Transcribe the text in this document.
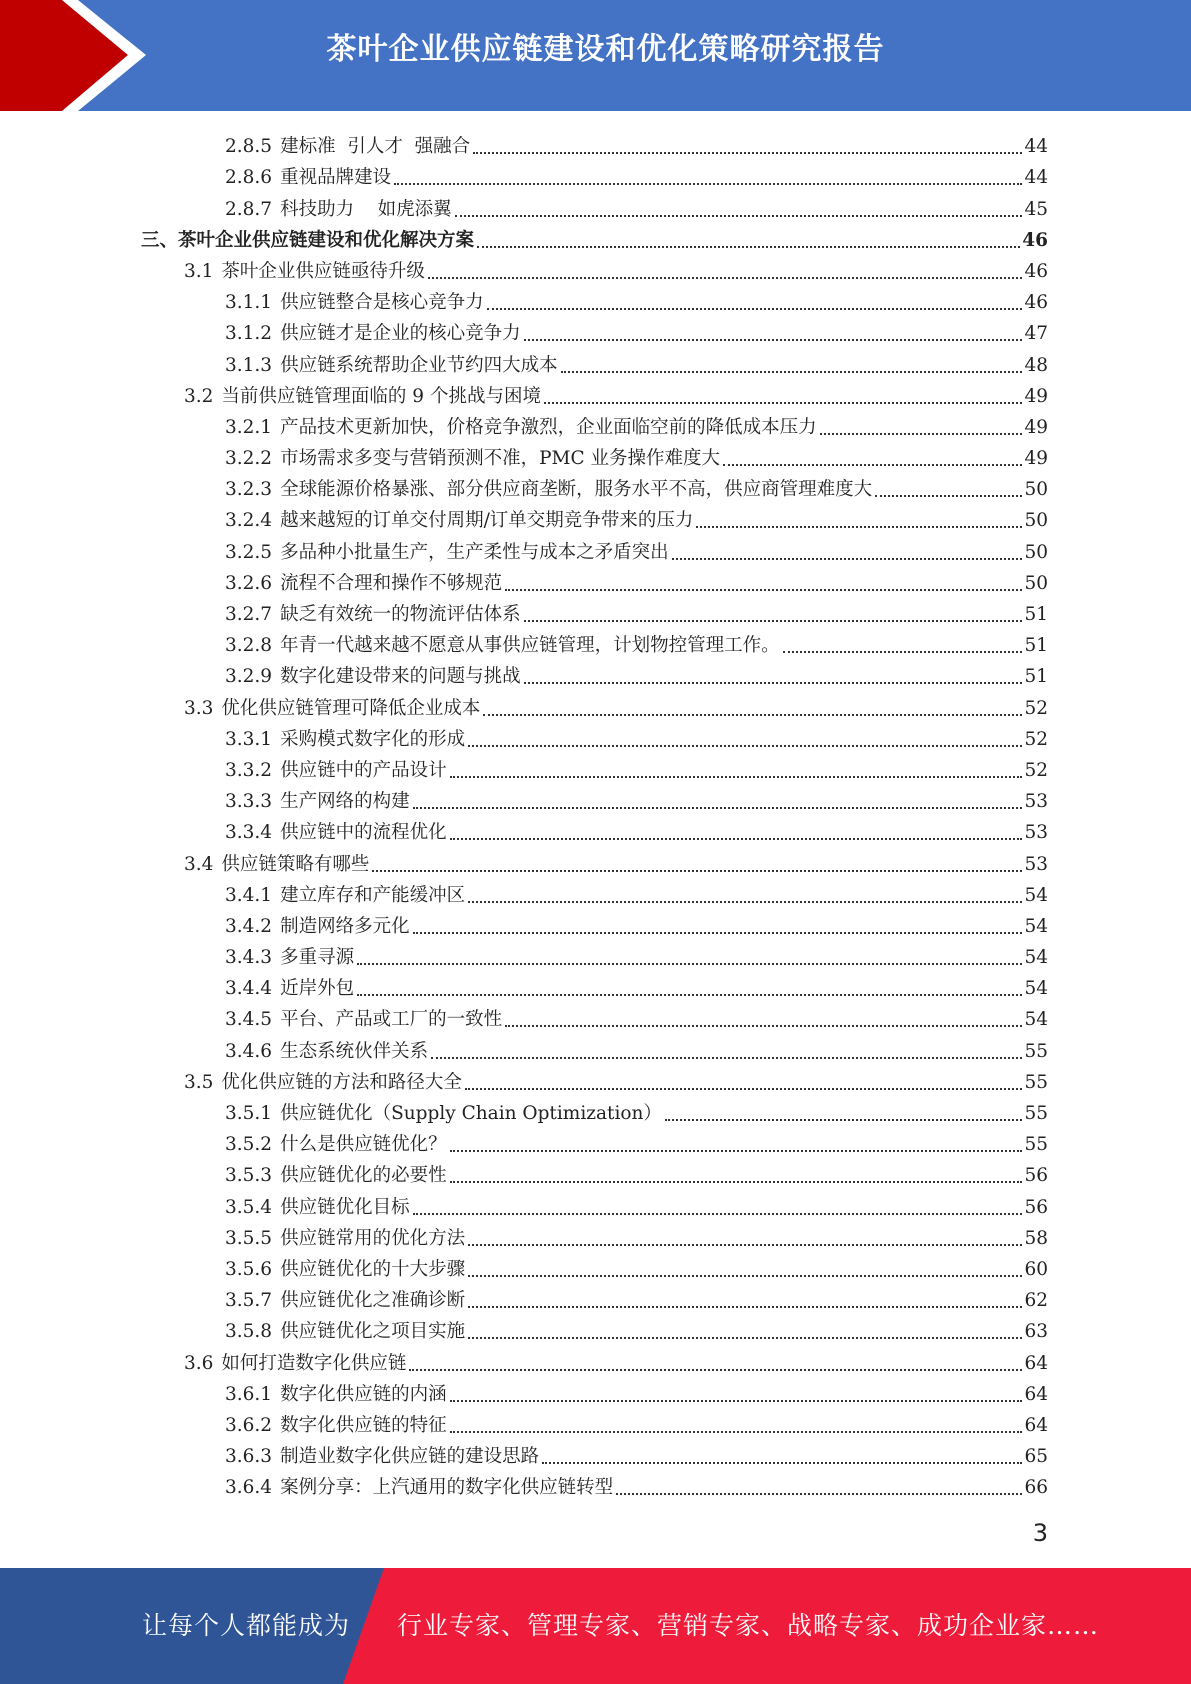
茶叶企业供应链建设和优化策略研究报告
2.8.5 建标准  引人才  强融合	44
2.8.6 重视品牌建设	44
2.8.7 科技助力    如虎添翼	45
三、 茶叶企业供应链建设和优化解决方案	46
3.1 茶叶企业供应链亟待升级	46
3.1.1 供应链整合是核心竞争力	46
3.1.2 供应链才是企业的核心竞争力	47
3.1.3 供应链系统帮助企业节约四大成本	48
3.2 当前供应链管理面临的 9 个挑战与困境	49
3.2.1 产品技术更新加快，价格竞争激烈，企业面临空前的降低成本压力	49
3.2.2 市场需求多变与营销预测不准，PMC 业务操作难度大	49
3.2.3 全球能源价格暴涨、部分供应商垄断，服务水平不高，供应商管理难度大	50
3.2.4 越来越短的订单交付周期/订单交期竞争带来的压力	50
3.2.5 多品种小批量生产，生产柔性与成本之矛盾突出	50
3.2.6 流程不合理和操作不够规范	50
3.2.7 缺乏有效统一的物流评估体系	51
3.2.8 年青一代越来越不愿意从事供应链管理，计划物控管理工作。	51
3.2.9 数字化建设带来的问题与挑战	51
3.3 优化供应链管理可降低企业成本	52
3.3.1 采购模式数字化的形成	52
3.3.2 供应链中的产品设计	52
3.3.3 生产网络的构建	53
3.3.4 供应链中的流程优化	53
3.4 供应链策略有哪些	53
3.4.1 建立库存和产能缓冲区	54
3.4.2 制造网络多元化	54
3.4.3 多重寻源	54
3.4.4 近岸外包	54
3.4.5 平台、产品或工厂的一致性	54
3.4.6 生态系统伙伴关系	55
3.5 优化供应链的方法和路径大全	55
3.5.1 供应链优化（Supply Chain Optimization）	55
3.5.2 什么是供应链优化？	55
3.5.3 供应链优化的必要性	56
3.5.4 供应链优化目标	56
3.5.5 供应链常用的优化方法	58
3.5.6 供应链优化的十大步骤	60
3.5.7 供应链优化之准确诊断	62
3.5.8 供应链优化之项目实施	63
3.6 如何打造数字化供应链	64
3.6.1 数字化供应链的内涵	64
3.6.2 数字化供应链的特征	64
3.6.3 制造业数字化供应链的建设思路	65
3.6.4 案例分享：上汽通用的数字化供应链转型	66
3
让每个人都能成为 行业专家、管理专家、营销专家、战略专家、成功企业家……
